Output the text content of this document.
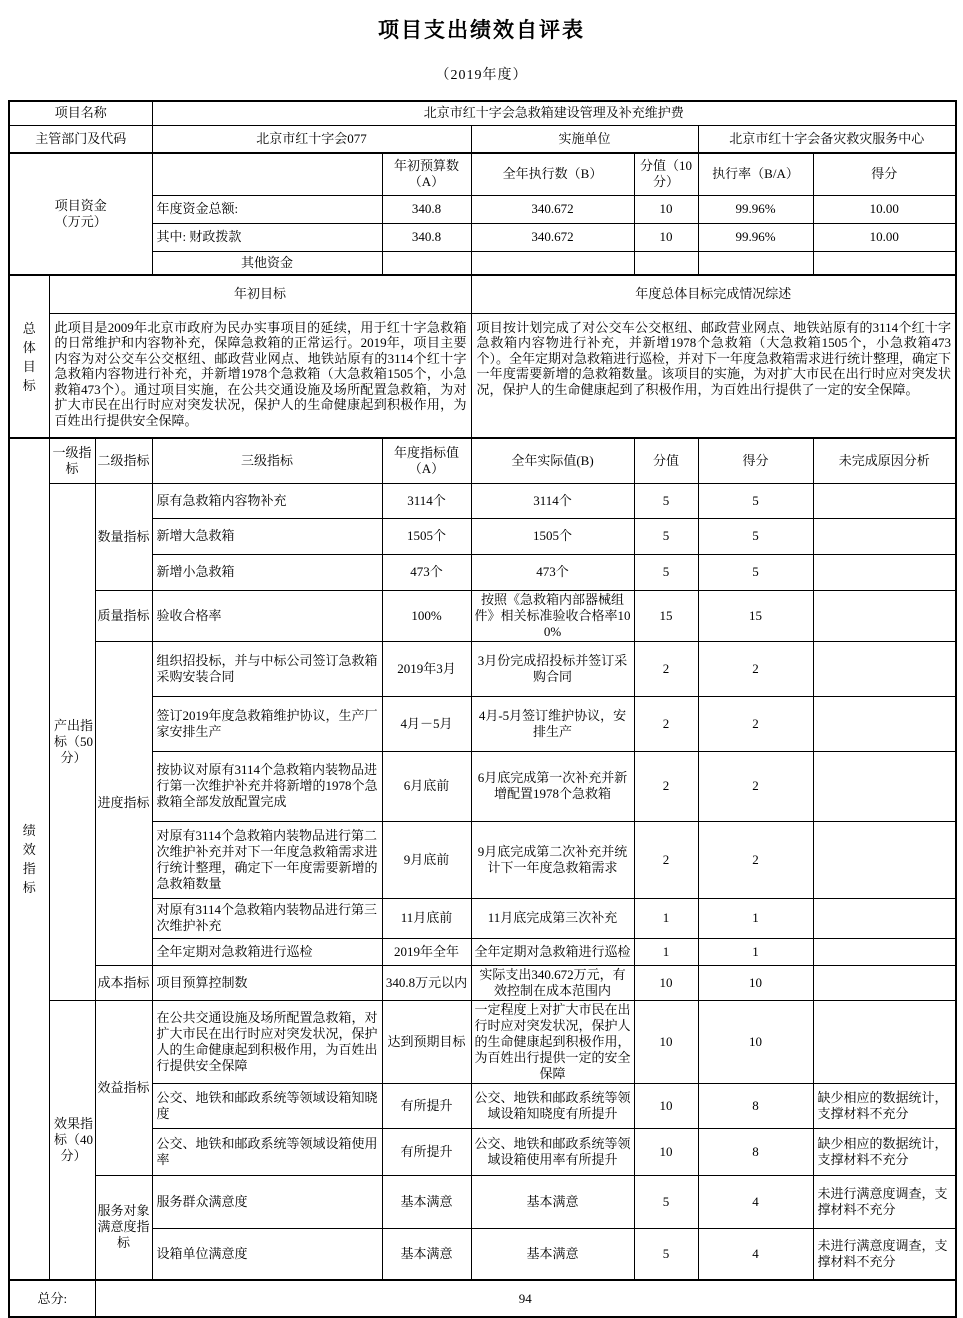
项目支出绩效自评表
（2019年度）
项目名称			北京市红十字会急救箱建设管理及补充维护费					
主管部门及代码			北京市红十字会077		实施单位		北京市红十字会备灾救灾服务中心	

项目资金（万元）				年初预算数（A）	全年执行数（B）	分值（10分）	执行率（B/A）	得分
			年度资金总额:	340.8	340.672	10	99.96%	10.00
			其中: 财政拨款	340.8	340.672	10	99.96%	10.00
			其他资金					

总体目标	年初目标				年度总体目标完成情况综述			
	此项目是2009年北京市政府为民办实事项目的延续，用于红十字急救箱的日常维护和内容物补充，保障急救箱的正常运行。2019年，项目主要内容为对公交车公交枢纽、邮政营业网点、地铁站原有的3114个红十字急救箱内容物进行补充，并新增1978个急救箱（大急救箱1505个，小急救箱473个）。通过项目实施，在公共交通设施及场所配置急救箱，为对扩大市民在出行时应对突发状况，保护人的生命健康起到积极作用，为百姓出行提供安全保障。				项目按计划完成了对公交车公交枢纽、邮政营业网点、地铁站原有的3114个红十字急救箱内容物进行补充，并新增1978个急救箱（大急救箱1505个，小急救箱473个）。全年定期对急救箱进行巡检，并对下一年度急救箱需求进行统计整理，确定下一年度需要新增的急救箱数量。该项目的实施，为对扩大市民在出行时应对突发状况，保护人的生命健康起到了积极作用，为百姓出行提供了一定的安全保障。			

绩效指标	一级指标	二级指标	三级指标	年度指标值（A）	全年实际值(B)	分值	得分	未完成原因分析

	产出指标（50分）	数量指标	原有急救箱内容物补充	3114个	3114个	5	5	
			新增大急救箱	1505个	1505个	5	5	
			新增小急救箱	473个	473个	5	5	
		质量指标	验收合格率	100%	按照《急救箱内部器械组件》相关标准验收合格率100%	15	15	
		进度指标	组织招投标，并与中标公司签订急救箱采购安装合同	2019年3月	3月份完成招投标并签订采购合同	2	2	
			签订2019年度急救箱维护协议，生产厂家安排生产	4月－5月	4月-5月签订维护协议，安排生产	2	2	
			按协议对原有3114个急救箱内装物品进行第一次维护补充并将新增的1978个急救箱全部发放配置完成	6月底前	6月底完成第一次补充并新增配置1978个急救箱	2	2	
			对原有3114个急救箱内装物品进行第二次维护补充并对下一年度急救箱需求进行统计整理，确定下一年度需要新增的急救箱数量	9月底前	9月底完成第二次补充并统计下一年度急救箱需求	2	2	
			对原有3114个急救箱内装物品进行第三次维护补充	11月底前	11月底完成第三次补充	1	1	
			全年定期对急救箱进行巡检	2019年全年	全年定期对急救箱进行巡检	1	1	
		成本指标	项目预算控制数	340.8万元以内	实际支出340.672万元，有效控制在成本范围内	10	10	

	效果指标（40分）	效益指标	在公共交通设施及场所配置急救箱，对扩大市民在出行时应对突发状况，保护人的生命健康起到积极作用，为百姓出行提供安全保障	达到预期目标	一定程度上对扩大市民在出行时应对突发状况，保护人的生命健康起到积极作用，为百姓出行提供一定的安全保障	10	10	
			公交、地铁和邮政系统等领域设箱知晓度	有所提升	公交、地铁和邮政系统等领域设箱知晓度有所提升	10	8	缺少相应的数据统计，支撑材料不充分
			公交、地铁和邮政系统等领域设箱使用率	有所提升	公交、地铁和邮政系统等领域设箱使用率有所提升	10	8	缺少相应的数据统计，支撑材料不充分
		服务对象满意度指标	服务群众满意度	基本满意	基本满意	5	4	未进行满意度调查，支撑材料不充分
			设箱单位满意度	基本满意	基本满意	5	4	未进行满意度调查，支撑材料不充分
总分:		94						
